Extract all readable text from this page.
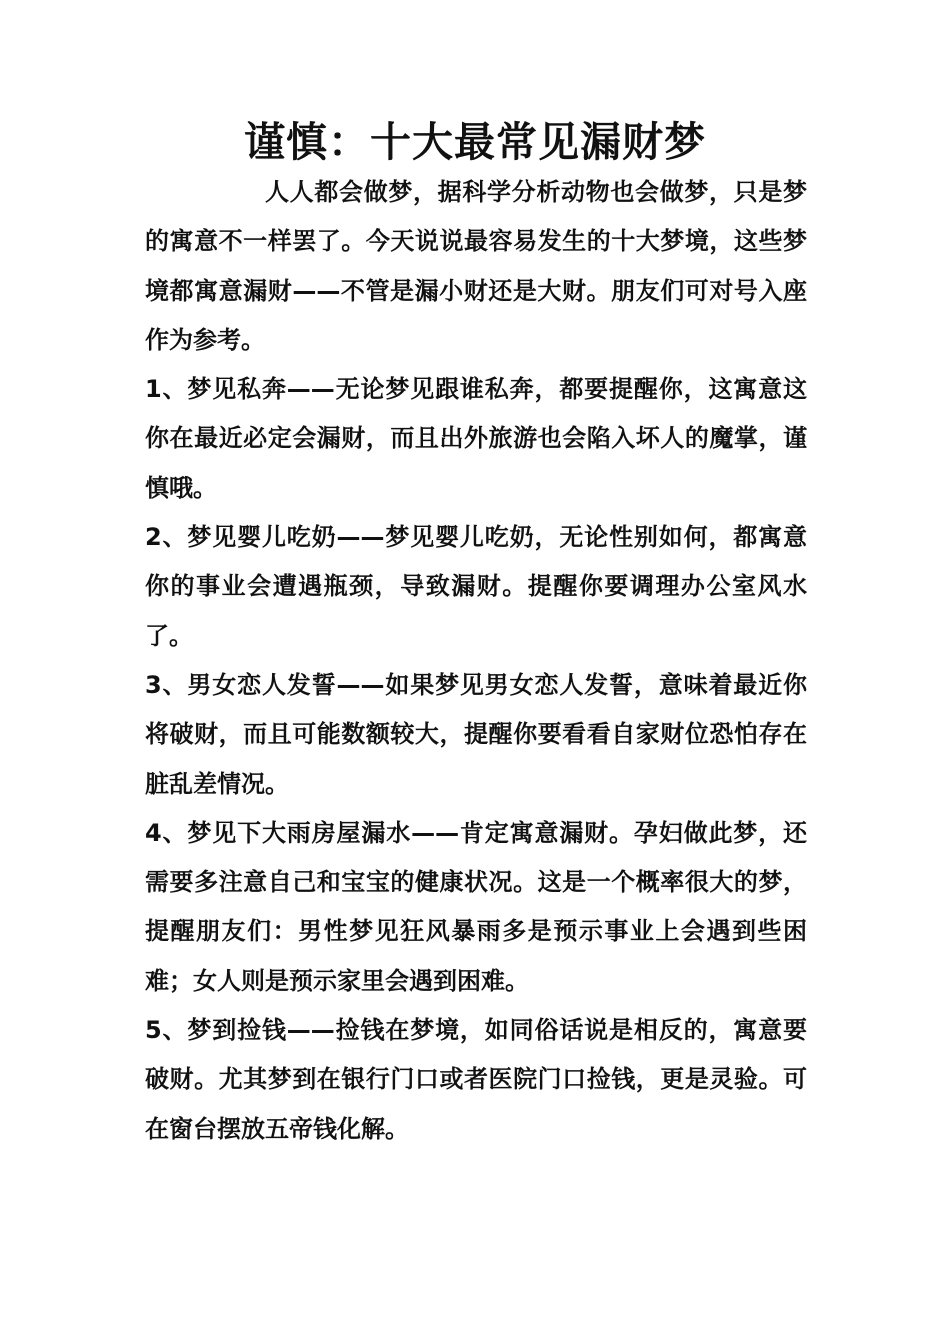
谨慎：十大最常见漏财梦

人人都会做梦，据科学分析动物也会做梦，只是梦的寓意不一样罢了。今天说说最容易发生的十大梦境，这些梦境都寓意漏财——不管是漏小财还是大财。朋友们可对号入座作为参考。

1、梦见私奔——无论梦见跟谁私奔，都要提醒你，这寓意这你在最近必定会漏财，而且出外旅游也会陷入坏人的魔掌，谨慎哦。

2、梦见婴儿吃奶——梦见婴儿吃奶，无论性别如何，都寓意你的事业会遭遇瓶颈，导致漏财。提醒你要调理办公室风水了。

3、男女恋人发誓——如果梦见男女恋人发誓，意味着最近你将破财，而且可能数额较大，提醒你要看看自家财位恐怕存在脏乱差情况。

4、梦见下大雨房屋漏水——肯定寓意漏财。孕妇做此梦，还需要多注意自己和宝宝的健康状况。这是一个概率很大的梦，提醒朋友们：男性梦见狂风暴雨多是预示事业上会遇到些困难；女人则是预示家里会遇到困难。

5、梦到捡钱——捡钱在梦境，如同俗话说是相反的，寓意要破财。尤其梦到在银行门口或者医院门口捡钱，更是灵验。可在窗台摆放五帝钱化解。
